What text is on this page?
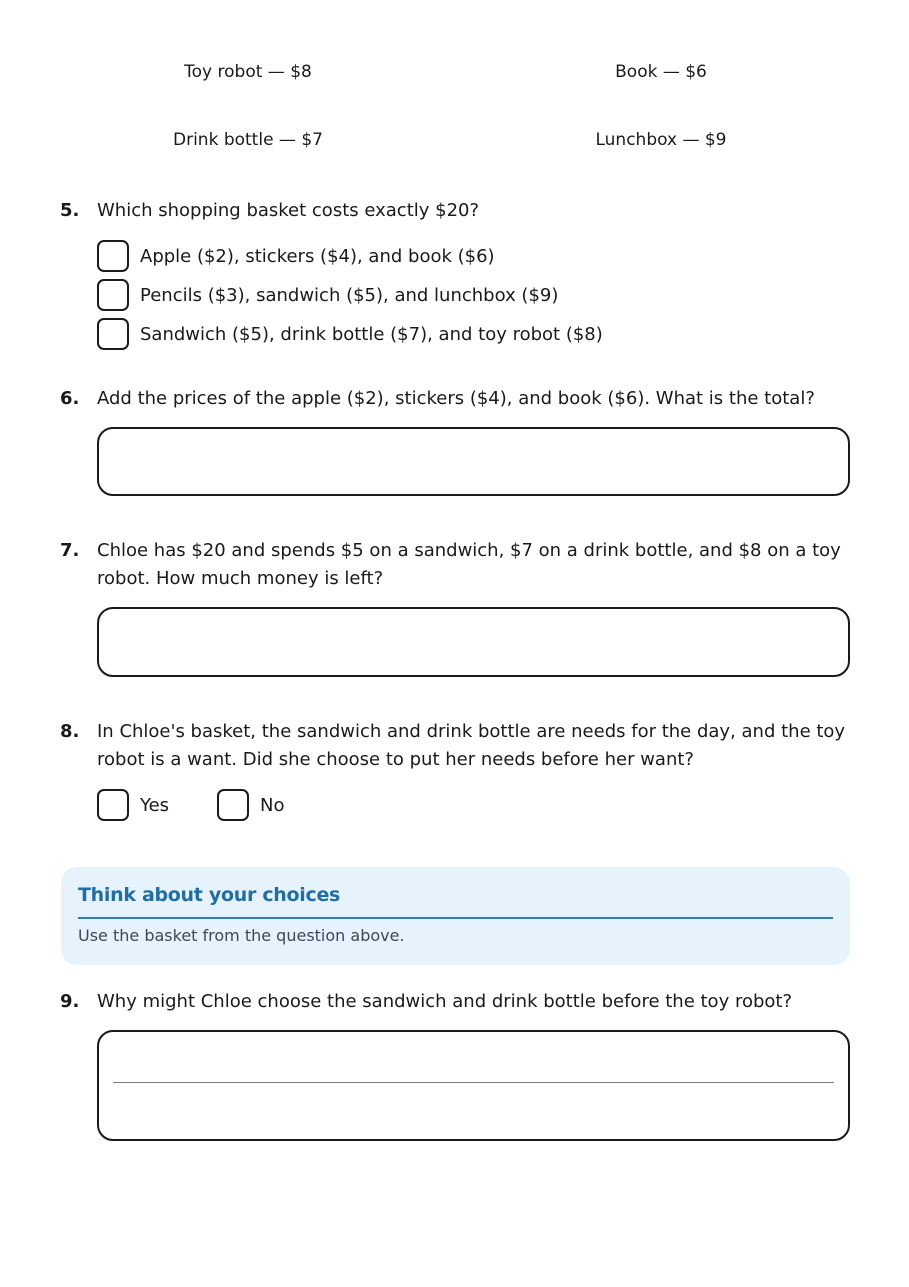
Toy robot — $8	Book — $6
Drink bottle — $7	Lunchbox — $9
5. Which shopping basket costs exactly $20?
Apple ($2), stickers ($4), and book ($6)
Pencils ($3), sandwich ($5), and lunchbox ($9)
Sandwich ($5), drink bottle ($7), and toy robot ($8)
6. Add the prices of the apple ($2), stickers ($4), and book ($6). What is the total?
7. Chloe has $20 and spends $5 on a sandwich, $7 on a drink bottle, and $8 on a toy robot. How much money is left?
8. In Chloe's basket, the sandwich and drink bottle are needs for the day, and the toy robot is a want. Did she choose to put her needs before her want?
Yes	No
Think about your choices
Use the basket from the question above.
9. Why might Chloe choose the sandwich and drink bottle before the toy robot?
